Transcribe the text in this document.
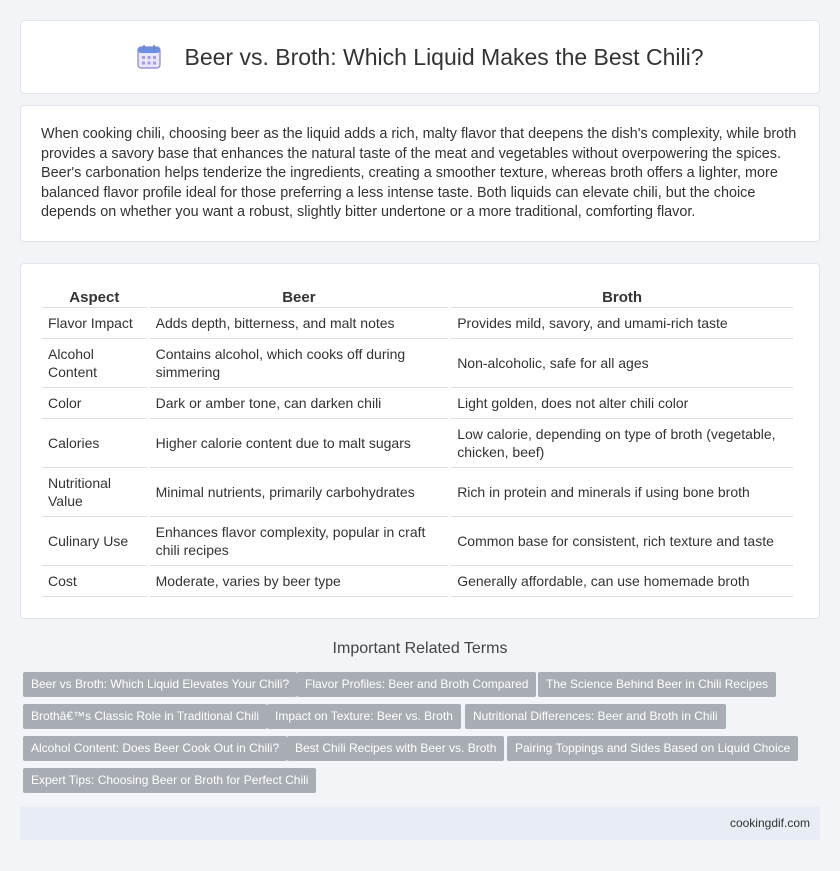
Beer vs. Broth: Which Liquid Makes the Best Chili?

When cooking chili, choosing beer as the liquid adds a rich, malty flavor that deepens the dish's complexity, while broth provides a savory base that enhances the natural taste of the meat and vegetables without overpowering the spices. Beer's carbonation helps tenderize the ingredients, creating a smoother texture, whereas broth offers a lighter, more balanced flavor profile ideal for those preferring a less intense taste. Both liquids can elevate chili, but the choice depends on whether you want a robust, slightly bitter undertone or a more traditional, comforting flavor.

Aspect	Beer	Broth
Flavor Impact	Adds depth, bitterness, and malt notes	Provides mild, savory, and umami-rich taste
Alcohol Content	Contains alcohol, which cooks off during simmering	Non-alcoholic, safe for all ages
Color	Dark or amber tone, can darken chili	Light golden, does not alter chili color
Calories	Higher calorie content due to malt sugars	Low calorie, depending on type of broth (vegetable, chicken, beef)
Nutritional Value	Minimal nutrients, primarily carbohydrates	Rich in protein and minerals if using bone broth
Culinary Use	Enhances flavor complexity, popular in craft chili recipes	Common base for consistent, rich texture and taste
Cost	Moderate, varies by beer type	Generally affordable, can use homemade broth
Important Related Terms
Beer vs Broth: Which Liquid Elevates Your Chili?	Flavor Profiles: Beer and Broth Compared	The Science Behind Beer in Chili Recipes
Brothâ€™s Classic Role in Traditional Chili	Impact on Texture: Beer vs. Broth	Nutritional Differences: Beer and Broth in Chili
Alcohol Content: Does Beer Cook Out in Chili?	Best Chili Recipes with Beer vs. Broth	Pairing Toppings and Sides Based on Liquid Choice
Expert Tips: Choosing Beer or Broth for Perfect Chili
cookingdif.com
